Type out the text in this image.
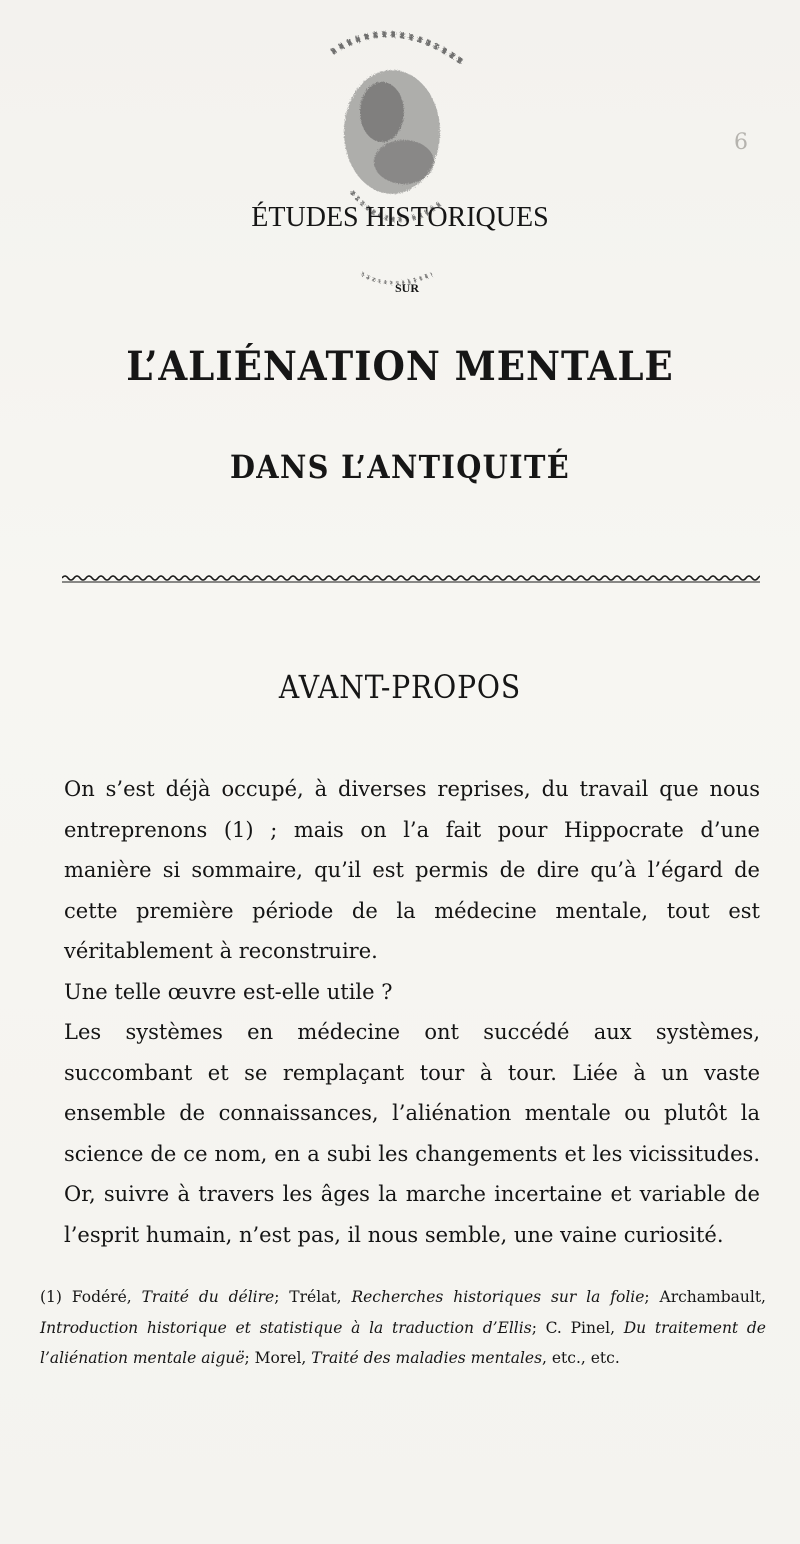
6
ÉTUDES HISTORIQUES
SUR
L’ALIÉNATION MENTALE
DANS L’ANTIQUITÉ
AVANT-PROPOS

On s’est déjà occupé, à diverses reprises, du travail que nous entreprenons (1) ; mais on l’a fait pour Hippocrate d’une manière si sommaire, qu’il est permis de dire qu’à l’égard de cette première période de la médecine mentale, tout est véritablement à reconstruire.

Une telle œuvre est-elle utile ?

Les systèmes en médecine ont succédé aux systèmes, succombant et se remplaçant tour à tour. Liée à un vaste ensemble de connaissances, l’aliénation mentale ou plutôt la science de ce nom, en a subi les changements et les vicissitudes. Or, suivre à travers les âges la marche incertaine et variable de l’esprit humain, n’est pas, il nous semble, une vaine curiosité.

(1) Fodéré, Traité du délire; Trélat, Recherches historiques sur la folie; Archambault, Introduction historique et statistique à la traduction d’Ellis; C. Pinel, Du traitement de l’aliénation mentale aiguë; Morel, Traité des maladies mentales, etc., etc.
